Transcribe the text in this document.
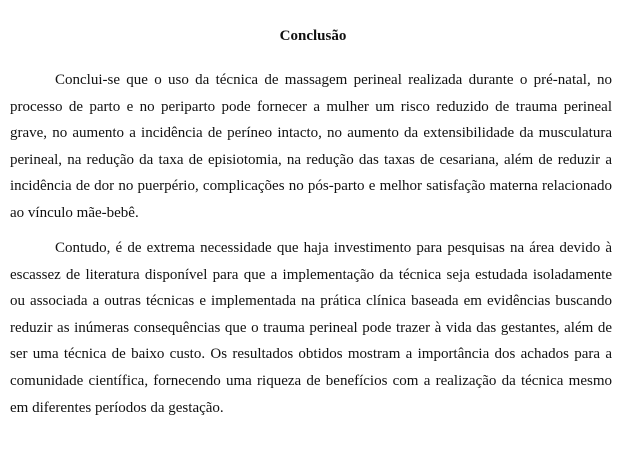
Conclusão

Conclui-se que o uso da técnica de massagem perineal realizada durante o pré-natal, no processo de parto e no periparto pode fornecer a mulher um risco reduzido de trauma perineal grave, no aumento a incidência de períneo intacto, no aumento da extensibilidade da musculatura perineal, na redução da taxa de episiotomia, na redução das taxas de cesariana, além de reduzir a incidência de dor no puerpério, complicações no pós-parto e melhor satisfação materna relacionado ao vínculo mãe-bebê.

Contudo, é de extrema necessidade que haja investimento para pesquisas na área devido à escassez de literatura disponível para que a implementação da técnica seja estudada isoladamente ou associada a outras técnicas e implementada na prática clínica baseada em evidências buscando reduzir as inúmeras consequências que o trauma perineal pode trazer à vida das gestantes, além de ser uma técnica de baixo custo. Os resultados obtidos mostram a importância dos achados para a comunidade científica, fornecendo uma riqueza de benefícios com a realização da técnica mesmo em diferentes períodos da gestação.
